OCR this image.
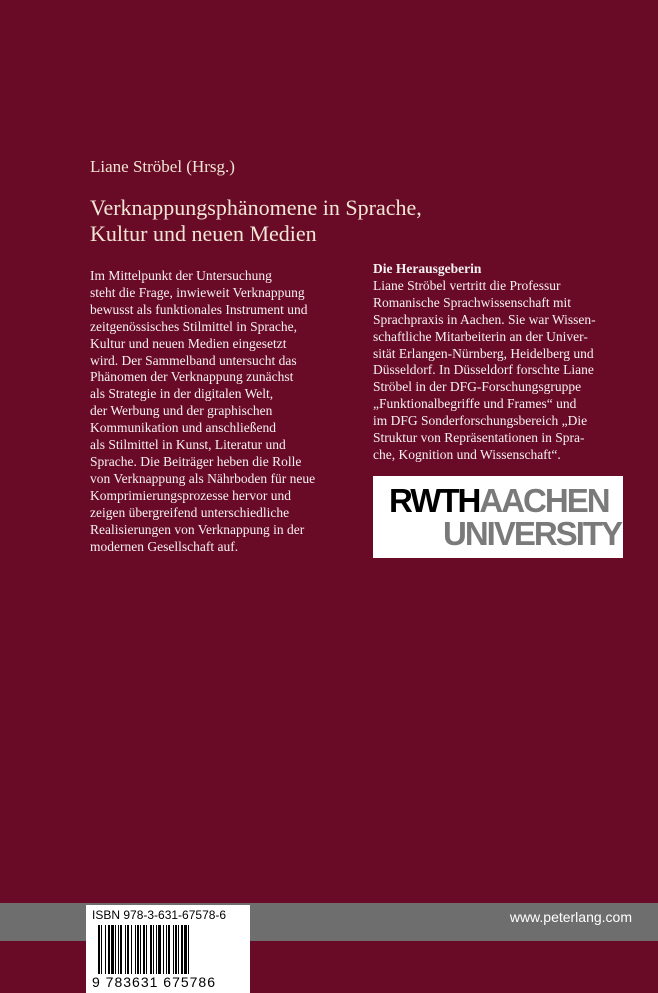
Liane Ströbel (Hrsg.)
Verknappungsphänomene in Sprache,
Kultur und neuen Medien
Im Mittelpunkt der Untersuchung
steht die Frage, inwieweit Verknappung
bewusst als funktionales Instrument und
zeitgenössisches Stilmittel in Sprache,
Kultur und neuen Medien eingesetzt
wird. Der Sammelband untersucht das
Phänomen der Verknappung zunächst
als Strategie in der digitalen Welt,
der Werbung und der graphischen
Kommunikation und anschließend
als Stilmittel in Kunst, Literatur und
Sprache. Die Beiträger heben die Rolle
von Verknappung als Nährboden für neue
Komprimierungsprozesse hervor und
zeigen übergreifend unterschiedliche
Realisierungen von Verknappung in der
modernen Gesellschaft auf.
Die Herausgeberin
Liane Ströbel vertritt die Professur
Romanische Sprachwissenschaft mit
Sprachpraxis in Aachen. Sie war Wissen-
schaftliche Mitarbeiterin an der Univer-
sität Erlangen-Nürnberg, Heidelberg und
Düsseldorf. In Düsseldorf forschte Liane
Ströbel in der DFG-Forschungsgruppe
„Funktionalbegriffe und Frames“ und
im DFG Sonderforschungsbereich „Die
Struktur von Repräsentationen in Spra-
che, Kognition und Wissenschaft“.
RWTHAACHEN
UNIVERSITY
www.peterlang.com
ISBN 978-3-631-67578-6
9 783631 675786
